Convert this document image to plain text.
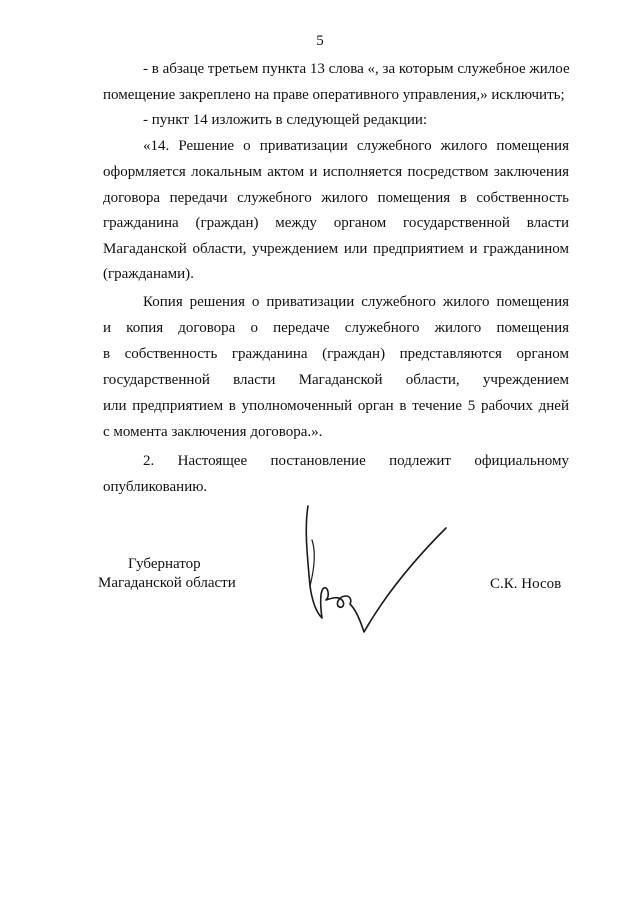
5
- в абзаце третьем пункта 13 слова «, за которым служебное жилое
помещение закреплено на праве оперативного управления,» исключить;
- пункт 14 изложить в следующей редакции:
«14. Решение о приватизации служебного жилого помещения
оформляется локальным актом и исполняется посредством заключения
договора передачи служебного жилого помещения в собственность
гражданина (граждан) между органом государственной власти
Магаданской области, учреждением или предприятием и гражданином
(гражданами).
Копия решения о приватизации служебного жилого помещения
и копия договора о передаче служебного жилого помещения
в собственность гражданина (граждан) представляются органом
государственной власти Магаданской области, учреждением
или предприятием в уполномоченный орган в течение 5 рабочих дней
с момента заключения договора.».
2. Настоящее постановление подлежит официальному
опубликованию.
Губернатор
Магаданской области	С.К. Носов
